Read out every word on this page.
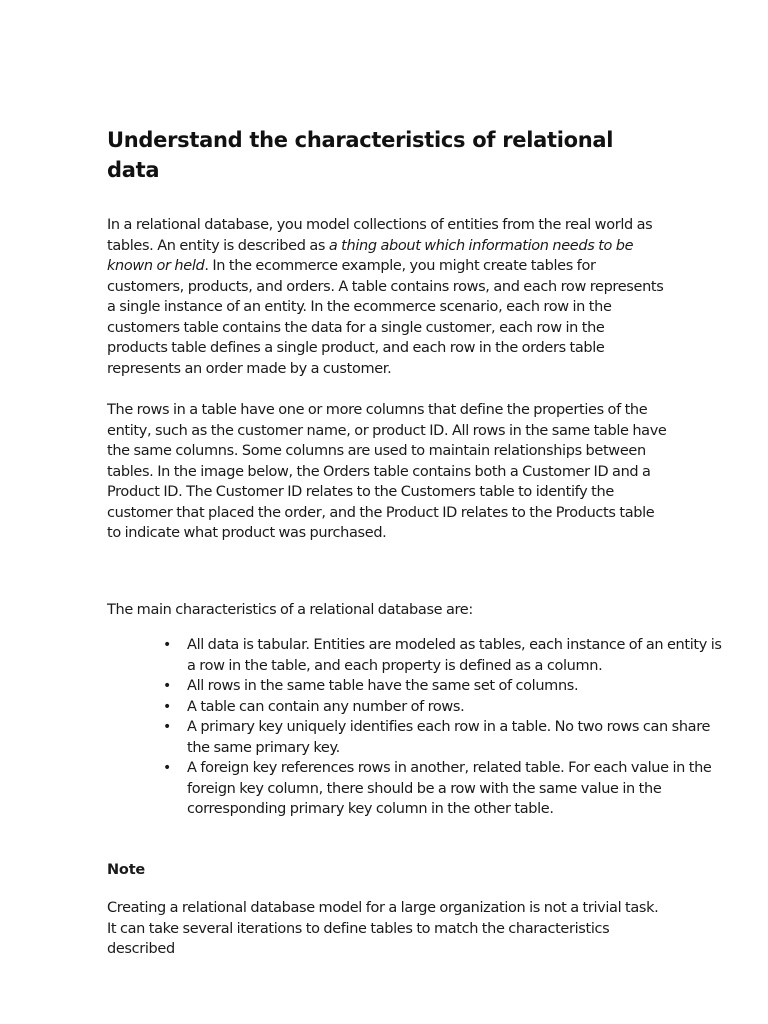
Understand the characteristics of relational data

In a relational database, you model collections of entities from the real world as tables. An entity is described as a thing about which information needs to be known or held. In the ecommerce example, you might create tables for customers, products, and orders. A table contains rows, and each row represents a single instance of an entity. In the ecommerce scenario, each row in the customers table contains the data for a single customer, each row in the products table defines a single product, and each row in the orders table represents an order made by a customer.

The rows in a table have one or more columns that define the properties of the entity, such as the customer name, or product ID. All rows in the same table have the same columns. Some columns are used to maintain relationships between tables. In the image below, the Orders table contains both a Customer ID and a Product ID. The Customer ID relates to the Customers table to identify the customer that placed the order, and the Product ID relates to the Products table to indicate what product was purchased.

The main characteristics of a relational database are:

• All data is tabular. Entities are modeled as tables, each instance of an entity is a row in the table, and each property is defined as a column.
• All rows in the same table have the same set of columns.
• A table can contain any number of rows.
• A primary key uniquely identifies each row in a table. No two rows can share the same primary key.
• A foreign key references rows in another, related table. For each value in the foreign key column, there should be a row with the same value in the corresponding primary key column in the other table.
Note

Creating a relational database model for a large organization is not a trivial task. It can take several iterations to define tables to match the characteristics described
